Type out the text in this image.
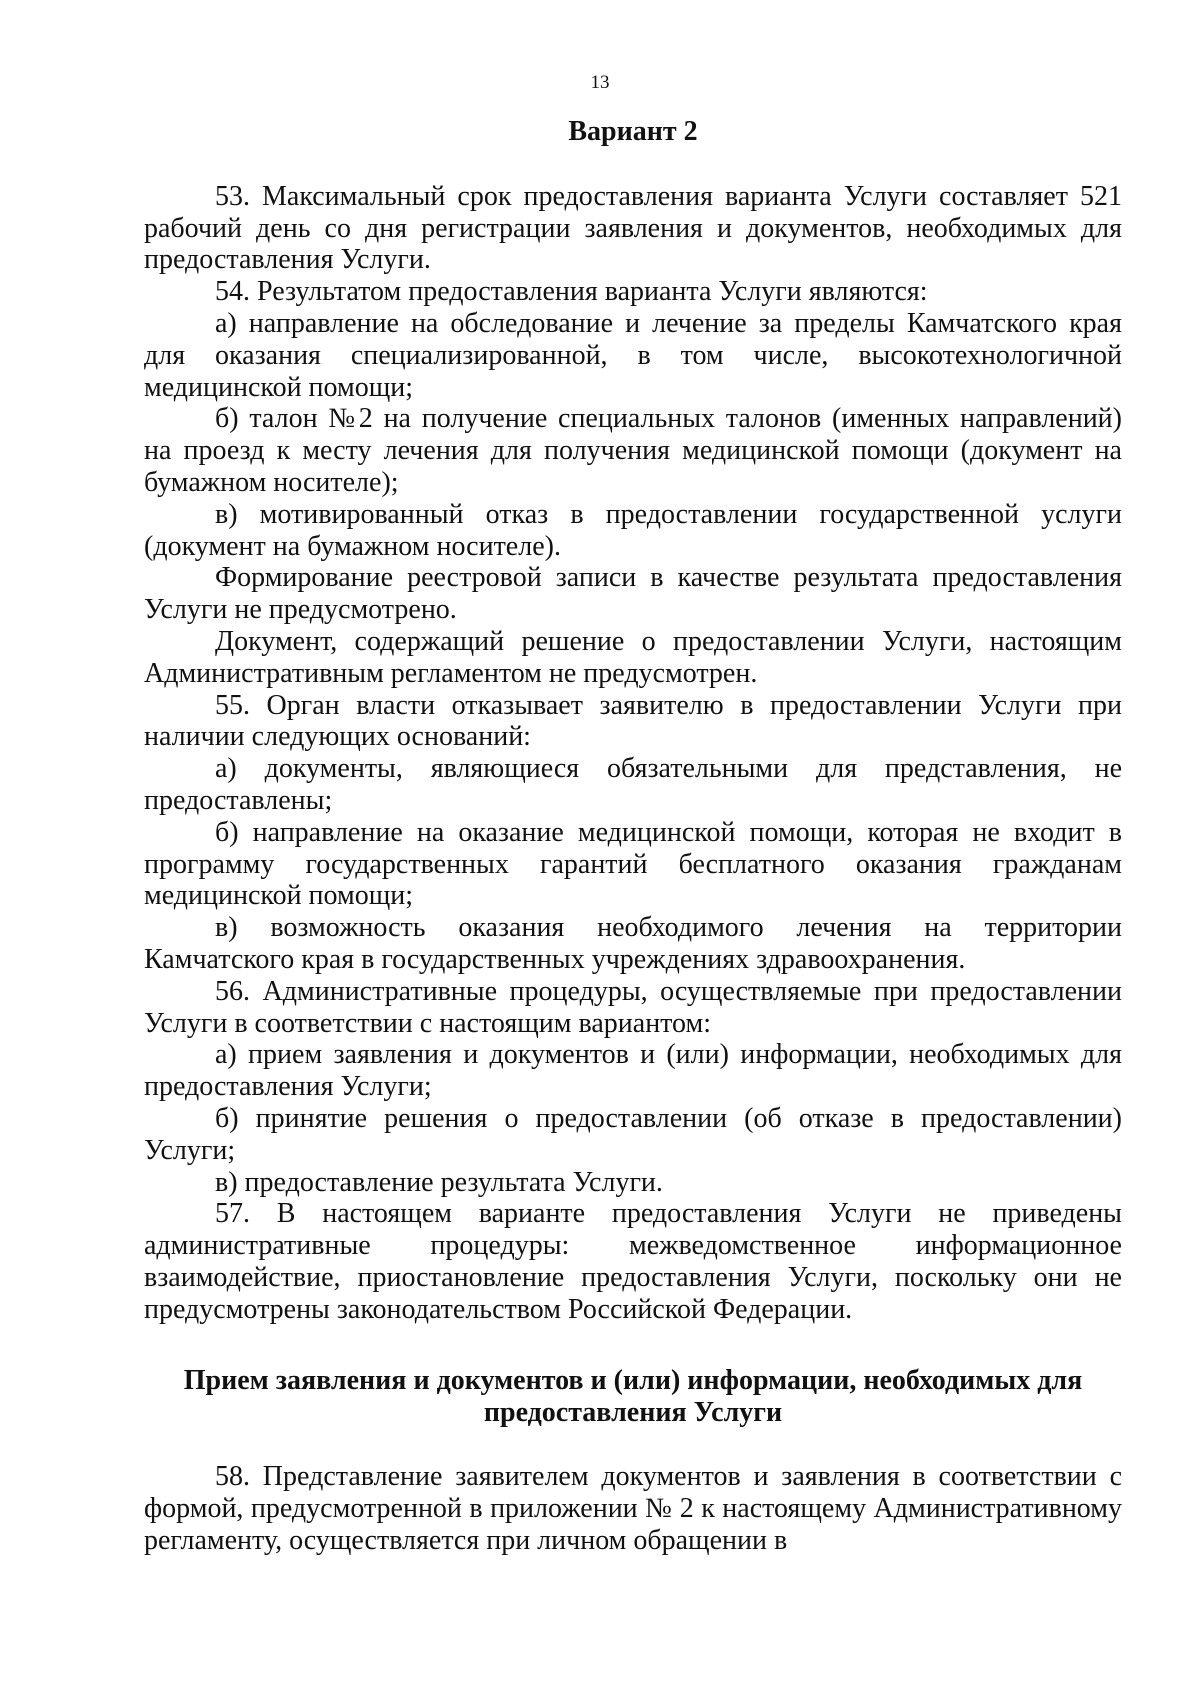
13

Вариант 2

53. Максимальный срок предоставления варианта Услуги составляет 521 рабочий день со дня регистрации заявления и документов, необходимых для предоставления Услуги.

54. Результатом предоставления варианта Услуги являются:

а) направление на обследование и лечение за пределы Камчатского края для оказания специализированной, в том числе, высокотехнологичной медицинской помощи;

б) талон №2 на получение специальных талонов (именных направлений) на проезд к месту лечения для получения медицинской помощи (документ на бумажном носителе);

в) мотивированный отказ в предоставлении государственной услуги (документ на бумажном носителе).

Формирование реестровой записи в качестве результата предоставления Услуги не предусмотрено.

Документ, содержащий решение о предоставлении Услуги, настоящим Административным регламентом не предусмотрен.

55. Орган власти отказывает заявителю в предоставлении Услуги при наличии следующих оснований:

а) документы, являющиеся обязательными для представления, не предоставлены;

б) направление на оказание медицинской помощи, которая не входит в программу государственных гарантий бесплатного оказания гражданам медицинской помощи;

в) возможность оказания необходимого лечения на территории Камчатского края в государственных учреждениях здравоохранения.

56. Административные процедуры, осуществляемые при предоставлении Услуги в соответствии с настоящим вариантом:

а) прием заявления и документов и (или) информации, необходимых для предоставления Услуги;

б) принятие решения о предоставлении (об отказе в предоставлении) Услуги;

в) предоставление результата Услуги.

57. В настоящем варианте предоставления Услуги не приведены административные процедуры: межведомственное информационное взаимодействие, приостановление предоставления Услуги, поскольку они не предусмотрены законодательством Российской Федерации.

Прием заявления и документов и (или) информации, необходимых для предоставления Услуги

58. Представление заявителем документов и заявления в соответствии с формой, предусмотренной в приложении № 2 к настоящему Административному регламенту, осуществляется при личном обращении в
